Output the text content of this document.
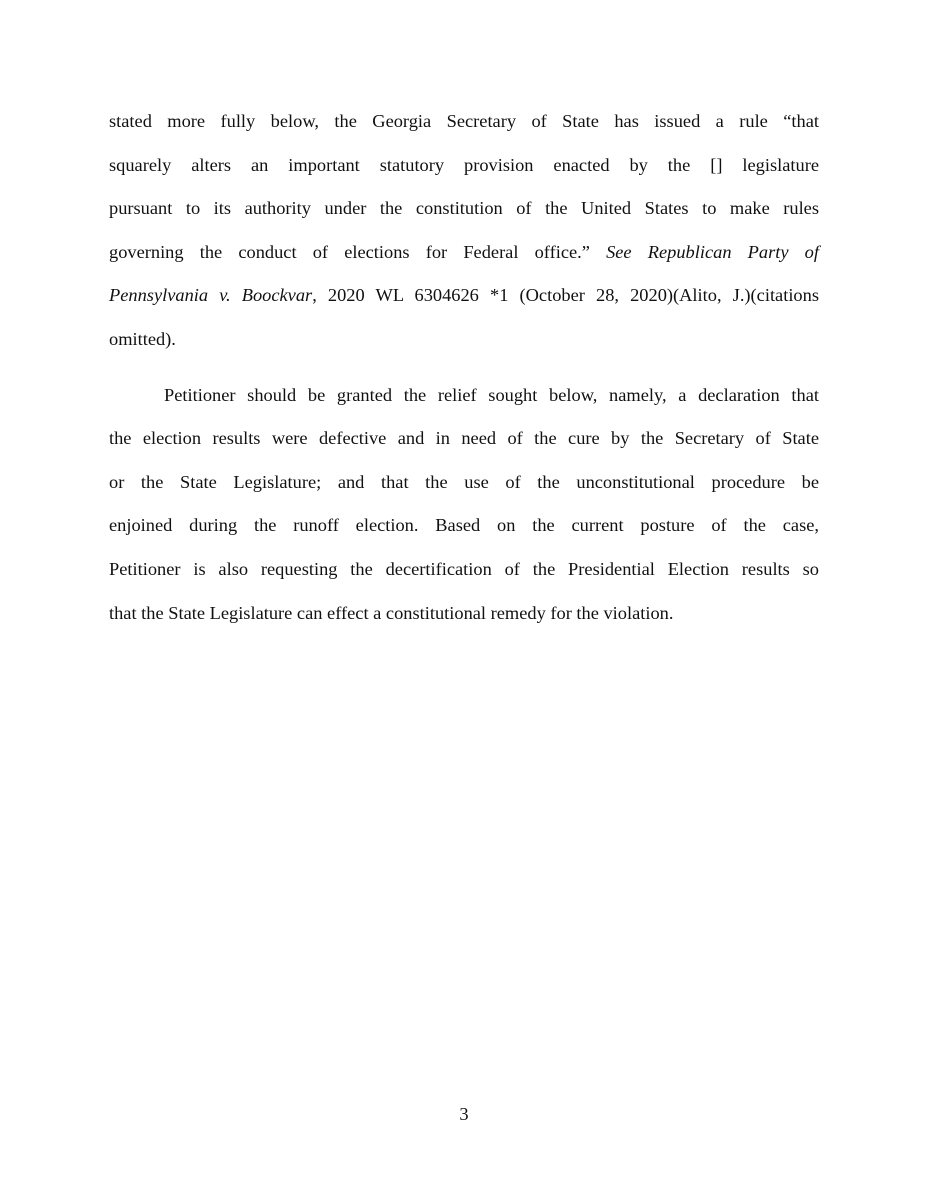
stated more fully below, the Georgia Secretary of State has issued a rule “that
squarely alters an important statutory provision enacted by the [] legislature
pursuant to its authority under the constitution of the United States to make rules
governing the conduct of elections for Federal office.” See Republican Party of
Pennsylvania v. Boockvar, 2020 WL 6304626 *1 (October 28, 2020)(Alito, J.)(citations
omitted).
Petitioner should be granted the relief sought below, namely, a declaration that
the election results were defective and in need of the cure by the Secretary of State
or the State Legislature; and that the use of the unconstitutional procedure be
enjoined during the runoff election. Based on the current posture of the case,
Petitioner is also requesting the decertification of the Presidential Election results so
that the State Legislature can effect a constitutional remedy for the violation.
3
